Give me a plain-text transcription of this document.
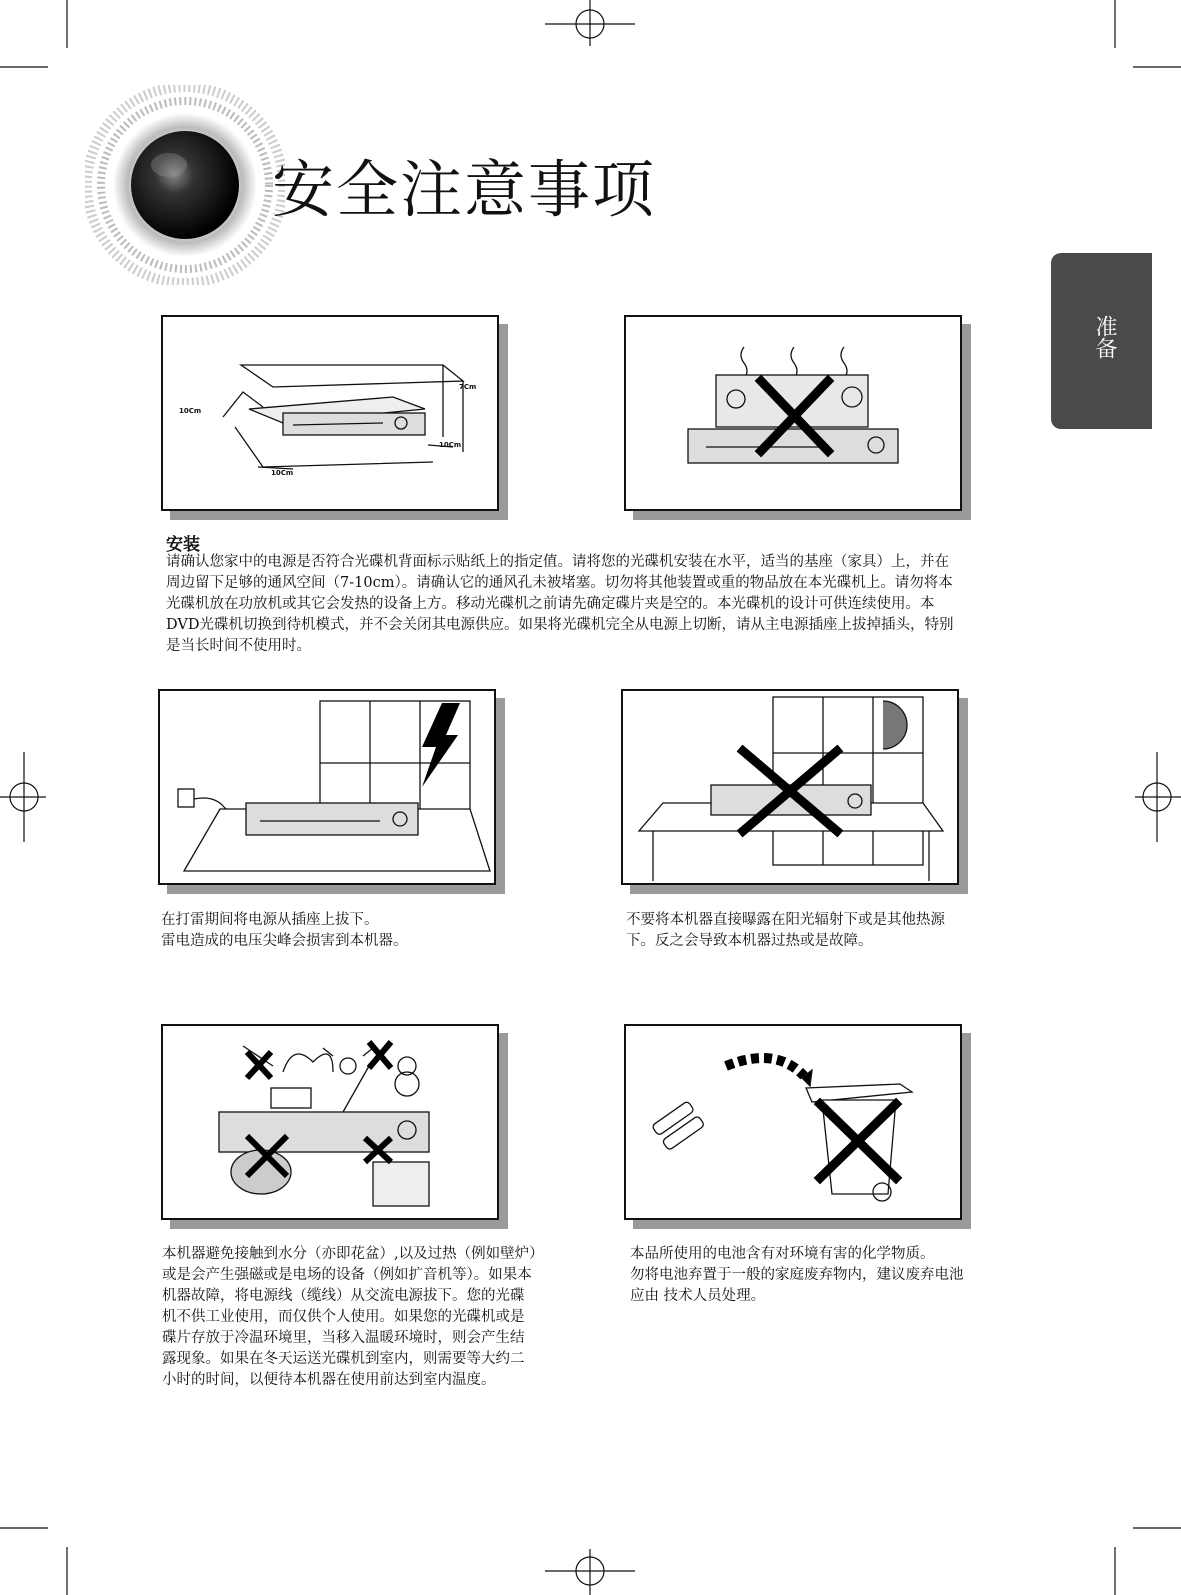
安全注意事项
准备
7Cm
10Cm
10Cm
10Cm

安装

请确认您家中的电源是否符合光碟机背面标示贴纸上的指定值。请将您的光碟机安装在水平，适当的基座（家具）上，并在

周边留下足够的通风空间（7-10cm）。请确认它的通风孔未被堵塞。切勿将其他装置或重的物品放在本光碟机上。请勿将本

光碟机放在功放机或其它会发热的设备上方。移动光碟机之前请先确定碟片夹是空的。本光碟机的设计可供连续使用。本

DVD光碟机切换到待机模式，并不会关闭其电源供应。如果将光碟机完全从电源上切断，请从主电源插座上拔掉插头，特别

是当长时间不使用时。

在打雷期间将电源从插座上拔下。

雷电造成的电压尖峰会损害到本机器。

不要将本机器直接曝露在阳光辐射下或是其他热源

下。反之会导致本机器过热或是故障。

本机器避免接触到水分（亦即花盆）,以及过热（例如壁炉）

或是会产生强磁或是电场的设备（例如扩音机等）。如果本

机器故障，将电源线（缆线）从交流电源拔下。您的光碟

机不供工业使用，而仅供个人使用。如果您的光碟机或是

碟片存放于冷温环境里，当移入温暖环境时，则会产生结

露现象。如果在冬天运送光碟机到室内，则需要等大约二

小时的时间，以便待本机器在使用前达到室内温度。

本品所使用的电池含有对环境有害的化学物质。

勿将电池弃置于一般的家庭废弃物内，建议废弃电池

应由 技术人员处理。
